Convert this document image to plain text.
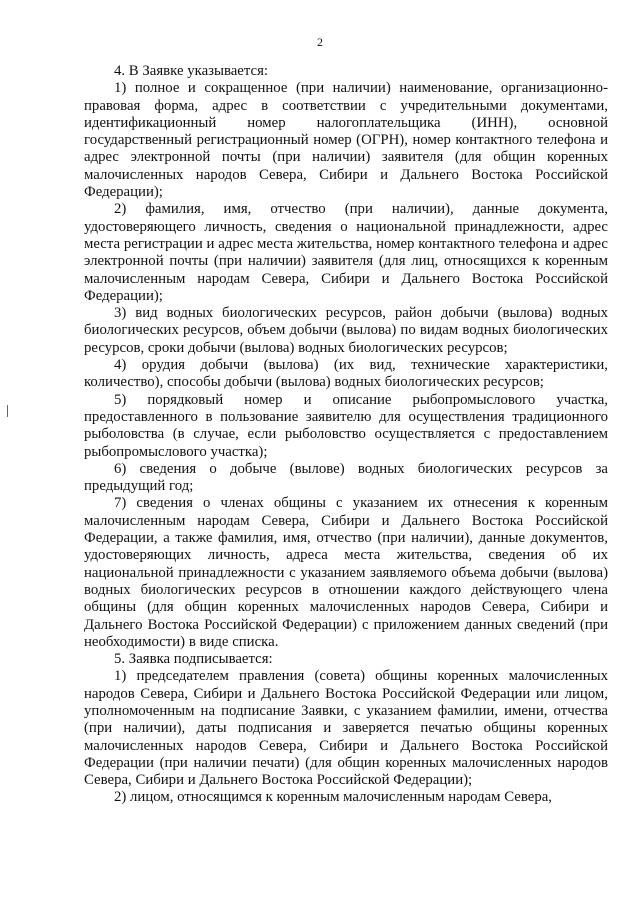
2

4. В Заявке указывается:

1) полное и сокращенное (при наличии) наименование, организационно-правовая форма, адрес в соответствии с учредительными документами, идентификационный номер налогоплательщика (ИНН), основной государственный регистрационный номер (ОГРН), номер контактного телефона и адрес электронной почты (при наличии) заявителя (для общин коренных малочисленных народов Севера, Сибири и Дальнего Востока Российской Федерации);

2) фамилия, имя, отчество (при наличии), данные документа, удостоверяющего личность, сведения о национальной принадлежности, адрес места регистрации и адрес места жительства, номер контактного телефона и адрес электронной почты (при наличии) заявителя (для лиц, относящихся к коренным малочисленным народам Севера, Сибири и Дальнего Востока Российской Федерации);

3) вид водных биологических ресурсов, район добычи (вылова) водных биологических ресурсов, объем добычи (вылова) по видам водных биологических ресурсов, сроки добычи (вылова) водных биологических ресурсов;

4) орудия добычи (вылова) (их вид, технические характеристики, количество), способы добычи (вылова) водных биологических ресурсов;

5) порядковый номер и описание рыбопромыслового участка, предоставленного в пользование заявителю для осуществления традиционного рыболовства (в случае, если рыболовство осуществляется с предоставлением рыбопромыслового участка);

6) сведения о добыче (вылове) водных биологических ресурсов за предыдущий год;

7) сведения о членах общины с указанием их отнесения к коренным малочисленным народам Севера, Сибири и Дальнего Востока Российской Федерации, а также фамилия, имя, отчество (при наличии), данные документов, удостоверяющих личность, адреса места жительства, сведения об их национальной принадлежности с указанием заявляемого объема добычи (вылова) водных биологических ресурсов в отношении каждого действующего члена общины (для общин коренных малочисленных народов Севера, Сибири и Дальнего Востока Российской Федерации) с приложением данных сведений (при необходимости) в виде списка.

5. Заявка подписывается:

1) председателем правления (совета) общины коренных малочисленных народов Севера, Сибири и Дальнего Востока Российской Федерации или лицом, уполномоченным на подписание Заявки, с указанием фамилии, имени, отчества (при наличии), даты подписания и заверяется печатью общины коренных малочисленных народов Севера, Сибири и Дальнего Востока Российской Федерации (при наличии печати) (для общин коренных малочисленных народов Севера, Сибири и Дальнего Востока Российской Федерации);

2) лицом, относящимся к коренным малочисленным народам Севера,
